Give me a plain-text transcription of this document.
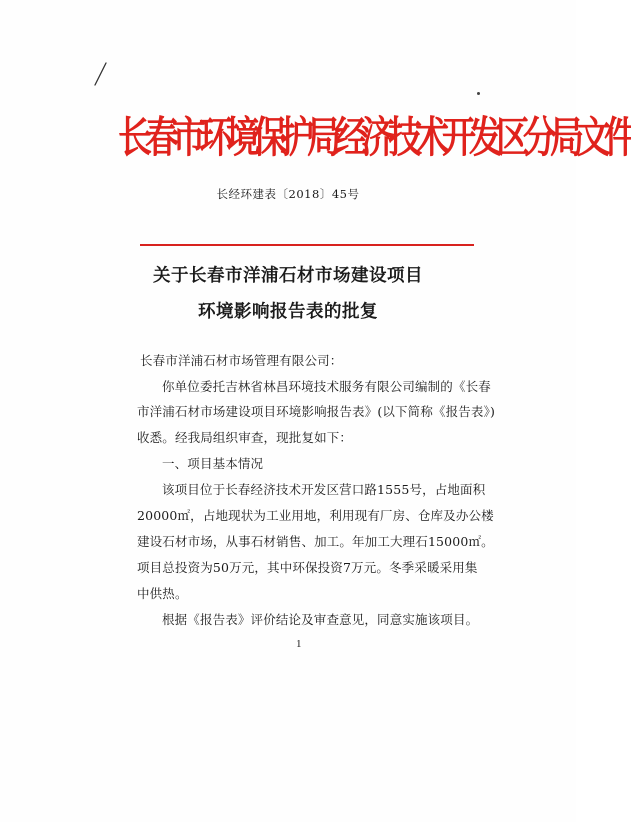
长春市环境保护局经济技术开发区分局文件
长经环建表〔2018〕45号
关于长春市洋浦石材市场建设项目
环境影响报告表的批复
长春市洋浦石材市场管理有限公司：
你单位委托吉林省林昌环境技术服务有限公司编制的《长春
市洋浦石材市场建设项目环境影响报告表》(以下简称《报告表》)
收悉。经我局组织审查，现批复如下：
一、项目基本情况
该项目位于长春经济技术开发区营口路1555号，占地面积
20000㎡，占地现状为工业用地，利用现有厂房、仓库及办公楼
建设石材市场，从事石材销售、加工。年加工大理石15000㎡。
项目总投资为50万元，其中环保投资7万元。冬季采暖采用集
中供热。
根据《报告表》评价结论及审查意见，同意实施该项目。
1
